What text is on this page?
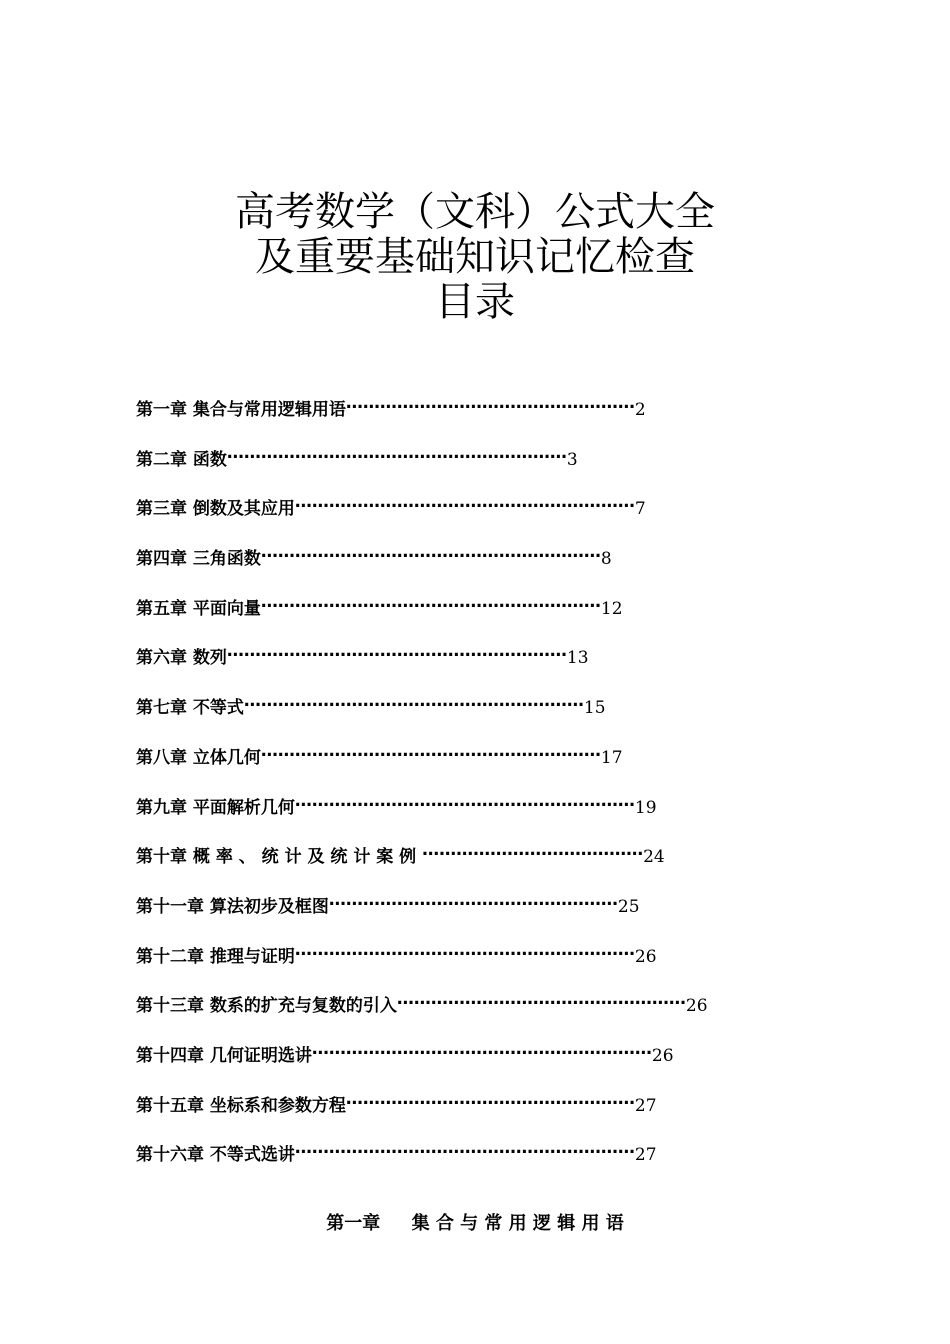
高考数学（文科）公式大全
及重要基础知识记忆检查
目录
第一章 集合与常用逻辑用语……………………………………………2
第二章 函数……………………………………………………3
第三章 倒数及其应用……………………………………………………7
第四章 三角函数……………………………………………………8
第五章 平面向量……………………………………………………12
第六章 数列……………………………………………………13
第七章 不等式……………………………………………………15
第八章 立体几何……………………………………………………17
第九章 平面解析几何……………………………………………………19
第十章 概 率 、 统 计 及 统 计 案 例 …………………………………24
第十一章 算法初步及框图……………………………………………25
第十二章 推理与证明……………………………………………………26
第十三章 数系的扩充与复数的引入……………………………………………26
第十四章 几何证明选讲……………………………………………………26
第十五章 坐标系和参数方程……………………………………………27
第十六章 不等式选讲……………………………………………………27
第一章     集 合 与 常 用 逻 辑 用 语
